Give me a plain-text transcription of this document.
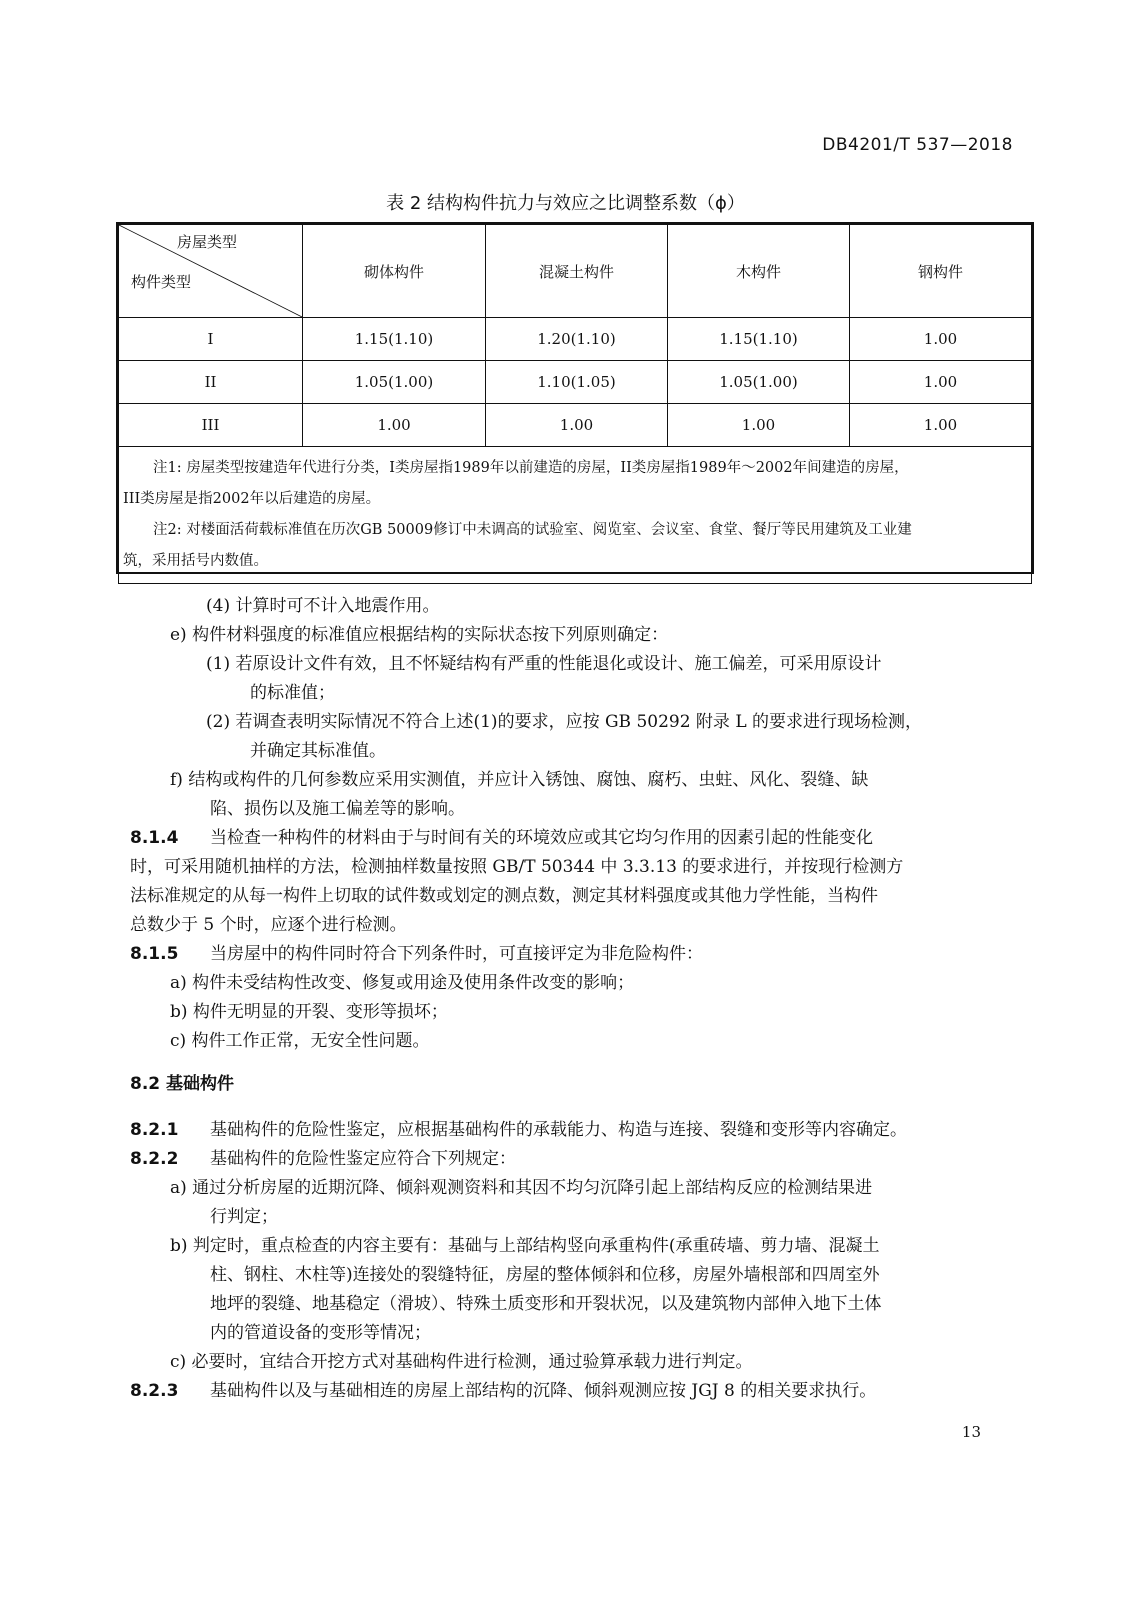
DB4201/T 537—2018
表 2 结构构件抗力与效应之比调整系数（ϕ）
房屋类型
构件类型	砌体构件	混凝土构件	木构件	钢构件
I	1.15(1.10)	1.20(1.10)	1.15(1.10)	1.00
II	1.05(1.00)	1.10(1.05)	1.05(1.00)	1.00
III	1.00	1.00	1.00	1.00

注1: 房屋类型按建造年代进行分类，I类房屋指1989年以前建造的房屋，II类房屋指1989年～2002年间建造的房屋，
III类房屋是指2002年以后建造的房屋。
注2: 对楼面活荷载标准值在历次GB 50009修订中未调高的试验室、阅览室、会议室、食堂、餐厅等民用建筑及工业建
筑，采用括号内数值。				
(4) 计算时可不计入地震作用。
e) 构件材料强度的标准值应根据结构的实际状态按下列原则确定：
(1) 若原设计文件有效，且不怀疑结构有严重的性能退化或设计、施工偏差，可采用原设计
的标准值；
(2) 若调查表明实际情况不符合上述(1)的要求，应按 GB 50292 附录 L 的要求进行现场检测，
并确定其标准值。
f) 结构或构件的几何参数应采用实测值，并应计入锈蚀、腐蚀、腐朽、虫蛀、风化、裂缝、缺
陷、损伤以及施工偏差等的影响。
8.1.4 当检查一种构件的材料由于与时间有关的环境效应或其它均匀作用的因素引起的性能变化
时，可采用随机抽样的方法，检测抽样数量按照 GB/T 50344 中 3.3.13 的要求进行，并按现行检测方
法标准规定的从每一构件上切取的试件数或划定的测点数，测定其材料强度或其他力学性能，当构件
总数少于 5 个时，应逐个进行检测。
8.1.5 当房屋中的构件同时符合下列条件时，可直接评定为非危险构件：
a) 构件未受结构性改变、修复或用途及使用条件改变的影响；
b) 构件无明显的开裂、变形等损坏；
c) 构件工作正常，无安全性问题。
8.2 基础构件
8.2.1 基础构件的危险性鉴定，应根据基础构件的承载能力、构造与连接、裂缝和变形等内容确定。
8.2.2 基础构件的危险性鉴定应符合下列规定：
a) 通过分析房屋的近期沉降、倾斜观测资料和其因不均匀沉降引起上部结构反应的检测结果进
行判定；
b) 判定时，重点检查的内容主要有：基础与上部结构竖向承重构件(承重砖墙、剪力墙、混凝土
柱、钢柱、木柱等)连接处的裂缝特征，房屋的整体倾斜和位移，房屋外墙根部和四周室外
地坪的裂缝、地基稳定（滑坡）、特殊土质变形和开裂状况，以及建筑物内部伸入地下土体
内的管道设备的变形等情况；
c) 必要时，宜结合开挖方式对基础构件进行检测，通过验算承载力进行判定。
8.2.3 基础构件以及与基础相连的房屋上部结构的沉降、倾斜观测应按 JGJ 8 的相关要求执行。
13
